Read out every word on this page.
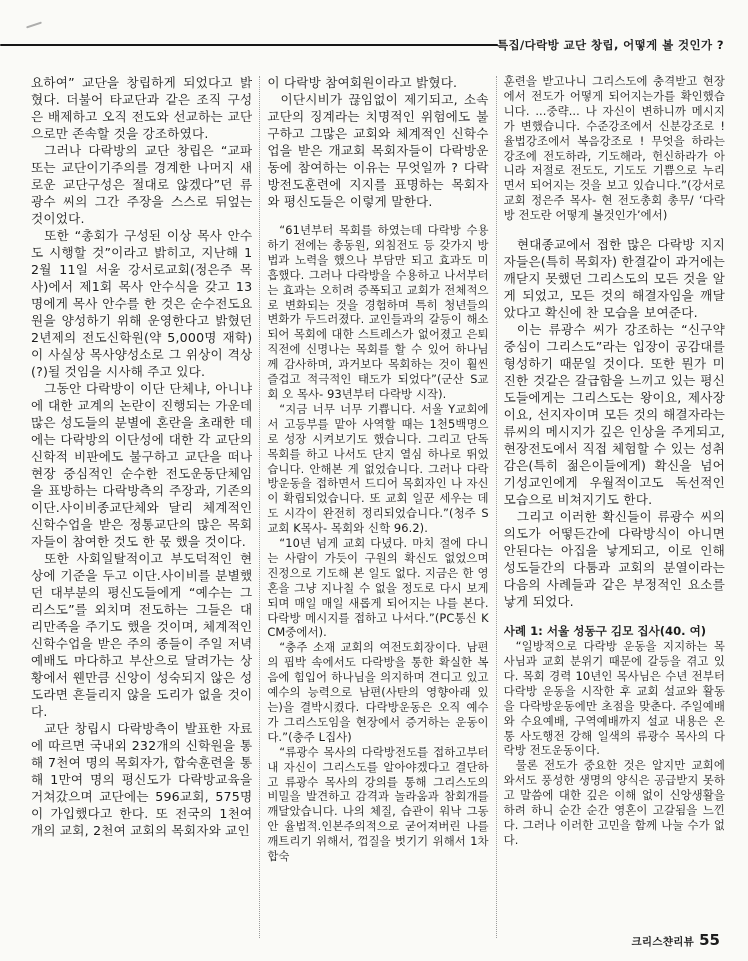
특집/다락방 교단 창립, 어떻게 볼 것인가 ?

요하여” 교단을 창립하게 되었다고 밝혔다. 더불어 타교단과 같은 조직 구성은 배제하고 오직 전도와 선교하는 교단으로만 존속할 것을 강조하였다.

그러나 다락방의 교단 창립은 “교파 또는 교단이기주의를 경계한 나머지 새로운 교단구성은 절대로 않겠다”던 류광수 씨의 그간 주장을 스스로 뒤엎는 것이었다.

또한 “총회가 구성된 이상 목사 안수도 시행할 것”이라고 밝히고, 지난해 12월 11일 서울 강서로교회(정은주 목사)에서 제1회 목사 안수식을 갖고 13명에게 목사 안수를 한 것은 순수전도요원을 양성하기 위해 운영한다고 밝혔던 2년제의 전도신학원(약 5,000명 재학)이 사실상 목사양성소로 그 위상이 격상(?)될 것임을 시사해 주고 있다.

그동안 다락방이 이단 단체냐, 아니냐에 대한 교계의 논란이 진행되는 가운데 많은 성도들의 분별에 혼란을 초래한 데에는 다락방의 이단성에 대한 각 교단의 신학적 비판에도 불구하고 교단을 떠나 현장 중심적인 순수한 전도운동단체임을 표방하는 다락방측의 주장과, 기존의 이단.사이비종교단체와 달리 체계적인 신학수업을 받은 정통교단의 많은 목회자들이 참여한 것도 한 몫 했을 것이다.

또한 사회일탈적이고 부도덕적인 현상에 기준을 두고 이단.사이비를 분별했던 대부분의 평신도들에게 “예수는 그리스도”를 외치며 전도하는 그들은 대리만족을 주기도 했을 것이며, 체계적인 신학수업을 받은 주의 종들이 주일 저녁예배도 마다하고 부산으로 달려가는 상황에서 웬만큼 신앙이 성숙되지 않은 성도라면 흔들리지 않을 도리가 없을 것이다.

교단 창립시 다락방측이 발표한 자료에 따르면 국내외 232개의 신학원을 통해 7천여 명의 목회자가, 합숙훈련을 통해 1만여 명의 평신도가 다락방교육을 거쳐갔으며 교단에는 596교회, 575명이 가입했다고 한다. 또 전국의 1천여 개의 교회, 2천여 교회의 목회자와 교인

이 다락방 참여회원이라고 밝혔다.

이단시비가 끊임없이 제기되고, 소속교단의 징계라는 치명적인 위험에도 불구하고 그많은 교회와 체계적인 신학수업을 받은 개교회 목회자들이 다락방운동에 참여하는 이유는 무엇일까 ? 다락방전도훈련에 지지를 표명하는 목회자와 평신도들은 이렇게 말한다.

“61년부터 목회를 하였는데 다락방 수용하기 전에는 총동원, 외침전도 등 갖가지 방법과 노력을 했으나 부담만 되고 효과도 미흡했다. 그러나 다락방을 수용하고 나서부터는 효과는 오히려 증폭되고 교회가 전체적으로 변화되는 것을 경험하며 특히 청년들의 변화가 두드러졌다. 교인들과의 갈등이 해소되어 목회에 대한 스트레스가 없어졌고 은퇴 직전에 신명나는 목회를 할 수 있어 하나님께 감사하며, 과거보다 목회하는 것이 훨씬 즐겁고 적극적인 태도가 되었다”(군산 S교회 오 목사- 93년부터 다락방 시작).

“지금 너무 너무 기쁩니다. 서울 Y교회에서 고등부를 맡아 사역할 때는 1천5백명으로 성장 시켜보기도 했습니다. 그리고 단독목회를 하고 나서도 단지 열심 하나로 뛰었습니다. 안해본 게 없었습니다. 그러나 다락방운동을 접하면서 드디어 목회자인 나 자신이 확립되었습니다. 또 교회 일꾼 세우는 데도 시각이 완전히 정리되었습니다.”(청주 S교회 K목사- 목회와 신학 96.2).

“10년 넘게 교회 다녔다. 마치 절에 다니는 사람이 가듯이 구원의 확신도 없었으며 진정으로 기도해 본 일도 없다. 지금은 한 영혼을 그냥 지나칠 수 없을 정도로 다시 보게되며 매일 매일 새롭게 되어지는 나를 본다. 다락방 메시지를 접하고 나서다.”(PC통신 KCM중에서).

“충주 소재 교회의 여전도회장이다. 남편의 핍박 속에서도 다락방을 통한 확실한 복음에 힘입어 하나님을 의지하며 견디고 있고 예수의 능력으로 남편(사탄의 영향아래 있는)을 결박시켰다. 다락방운동은 오직 예수가 그리스도임을 현장에서 증거하는 운동이다.”(충주 L집사)

“류광수 목사의 다락방전도를 접하고부터 내 자신이 그리스도를 알아야겠다고 결단하고 류광수 목사의 강의를 통해 그리스도의 비밀을 발견하고 감격과 놀라움과 참회개를 깨달았습니다. 나의 체질, 습관이 워낙 그동안 율법적.인본주의적으로 굳어져버린 나를 깨트리기 위해서, 껍질을 벗기기 위해서 1차합숙

훈련을 받고나니 그리스도에 충격받고 현장에서 전도가 어떻게 되어지는가를 확인했습니다. ...중략... 나 자신이 변하니까 메시지가 변했습니다. 수준강조에서 신분강조로 ! 율법강조에서 복음강조로 ! 무엇을 하라는 강조에 전도하라, 기도해라, 헌신하라가 아니라 저절로 전도도, 기도도 기쁨으로 누리면서 되어지는 것을 보고 있습니다.”(강서로교회 정은주 목사- 현 전도총회 총무/ ‘다락방 전도란 어떻게 볼것인가’에서)

현대종교에서 접한 많은 다락방 지지자들은(특히 목회자) 한결같이 과거에는 깨닫지 못했던 그리스도의 모든 것을 알게 되었고, 모든 것의 해결자임을 깨달았다고 확신에 찬 모습을 보여준다.

이는 류광수 씨가 강조하는 “신구약 중심이 그리스도”라는 입장이 공감대를 형성하기 때문일 것이다. 또한 뭔가 미진한 것같은 갈급함을 느끼고 있는 평신도들에게는 그리스도는 왕이요, 제사장이요, 선지자이며 모든 것의 해결자라는 류씨의 메시지가 깊은 인상을 주게되고, 현장전도에서 직접 체험할 수 있는 성취감은(특히 젊은이들에게) 확신을 넘어 기성교인에게 우월적이고도 독선적인 모습으로 비쳐지기도 한다.

그리고 이러한 확신들이 류광수 씨의 의도가 어떻든간에 다락방식이 아니면 안된다는 아집을 낳게되고, 이로 인해 성도들간의 다툼과 교회의 분열이라는 다음의 사례들과 같은 부정적인 요소를 낳게 되었다.

사례 1: 서울 성동구 김모 집사(40. 여)

“일방적으로 다락방 운동을 지지하는 목사님과 교회 분위기 때문에 갈등을 겪고 있다. 목회 경력 10년인 목사님은 수년 전부터 다락방 운동을 시작한 후 교회 설교와 활동을 다락방운동에만 초점을 맞춘다. 주일예배와 수요예배, 구역예배까지 설교 내용은 온통 사도행전 강해 일색의 류광수 목사의 다락방 전도운동이다.

물론 전도가 중요한 것은 알지만 교회에 와서도 풍성한 생명의 양식은 공급받지 못하고 말씀에 대한 깊은 이해 없이 신앙생활을 하려 하니 순간 순간 영혼이 고갈됨을 느낀다. 그러나 이러한 고민을 함께 나눌 수가 없다.

크리스챤리뷰 55
